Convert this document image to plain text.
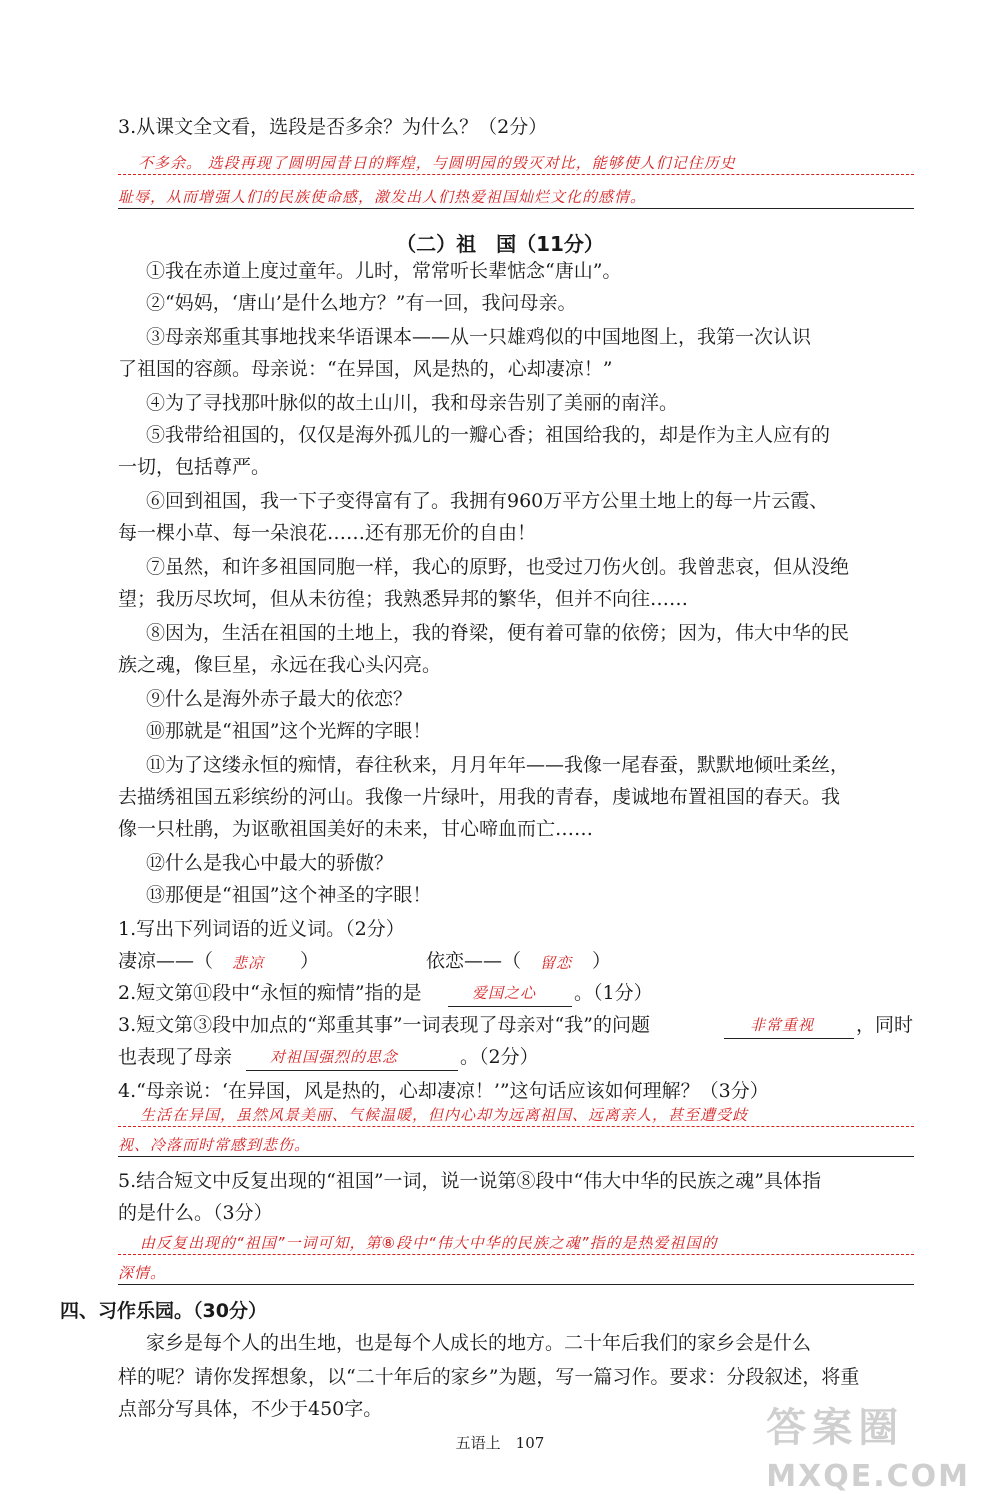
3.从课文全文看，选段是否多余？为什么？（2分）
不多余。 选段再现了圆明园昔日的辉煌，与圆明园的毁灭对比，能够使人们记住历史
耻辱，从而增强人们的民族使命感，激发出人们热爱祖国灿烂文化的感情。
（二）祖　国（11分）
①我在赤道上度过童年。儿时，常常听长辈惦念“唐山”。
②“妈妈，‘唐山’是什么地方？”有一回，我问母亲。
③母亲郑重其事地找来华语课本——从一只雄鸡似的中国地图上，我第一次认识
了祖国的容颜。母亲说：“在异国，风是热的，心却凄凉！”
④为了寻找那叶脉似的故土山川，我和母亲告别了美丽的南洋。
⑤我带给祖国的，仅仅是海外孤儿的一瓣心香；祖国给我的，却是作为主人应有的
一切，包括尊严。
⑥回到祖国，我一下子变得富有了。我拥有960万平方公里土地上的每一片云霞、
每一棵小草、每一朵浪花……还有那无价的自由！
⑦虽然，和许多祖国同胞一样，我心的原野，也受过刀伤火创。我曾悲哀，但从没绝
望；我历尽坎坷，但从未彷徨；我熟悉异邦的繁华，但并不向往……
⑧因为，生活在祖国的土地上，我的脊梁，便有着可靠的依傍；因为，伟大中华的民
族之魂，像巨星，永远在我心头闪亮。
⑨什么是海外赤子最大的依恋？
⑩那就是“祖国”这个光辉的字眼！
⑪为了这缕永恒的痴情，春往秋来，月月年年——我像一尾春蚕，默默地倾吐柔丝，
去描绣祖国五彩缤纷的河山。我像一片绿叶，用我的青春，虔诚地布置祖国的春天。我
像一只杜鹃，为讴歌祖国美好的未来，甘心啼血而亡……
⑫什么是我心中最大的骄傲？
⑬那便是“祖国”这个神圣的字眼！
1.写出下列词语的近义词。（2分）
凄凉——（ 悲凉 ）	依恋——（ 留恋 ）
2.短文第⑪段中“永恒的痴情”指的是	爱国之心 。（1分）
3.短文第③段中加点的“郑重其事”一词表现了母亲对“我”的问题	非常重视 ，同时
也表现了母亲	对祖国强烈的思念	。（2分）
4.“母亲说：‘在异国，风是热的，心却凄凉！’”这句话应该如何理解？（3分）
生活在异国，虽然风景美丽、气候温暖，但内心却为远离祖国、远离亲人，甚至遭受歧
视、冷落而时常感到悲伤。
5.结合短文中反复出现的“祖国”一词，说一说第⑧段中“伟大中华的民族之魂”具体指
的是什么。（3分）
由反复出现的“祖国”一词可知，第⑧段中“伟大中华的民族之魂”指的是热爱祖国的
深情。
四、习作乐园。（30分）
家乡是每个人的出生地，也是每个人成长的地方。二十年后我们的家乡会是什么
样的呢？请你发挥想象，以“二十年后的家乡”为题，写一篇习作。要求：分段叙述，将重
点部分写具体，不少于450字。
五语上　107	答案圈
MXQE.COM
